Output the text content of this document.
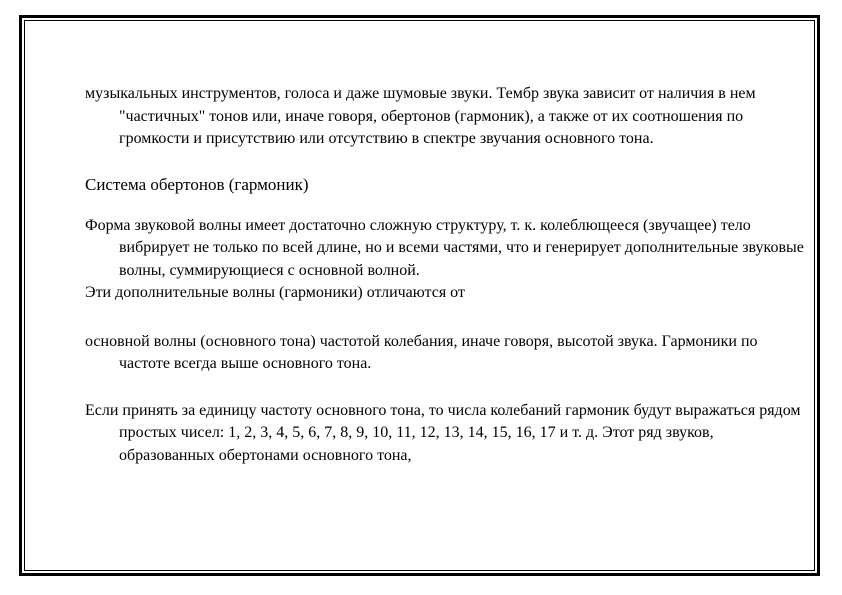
музыкальных инструментов, голоса и даже шумовые звуки. Тембр звука зависит от наличия в нем "частичных" тонов или, иначе говоря, обертонов (гармоник), а также от их соотношения по громкости и присутствию или отсутствию в спектре звучания основного тона.

Система обертонов (гармоник)

Форма звуковой волны имеет достаточно сложную структуру, т. к. колеблющееся (звучащее) тело вибрирует не только по всей длине, но и всеми частями, что и генерирует дополнительные звуковые волны, суммирующиеся с основной волной.

Эти дополнительные волны (гармоники) отличаются от

основной волны (основного тона) частотой колебания, иначе говоря, высотой звука. Гармоники по частоте всегда выше основного тона.

Если принять за единицу частоту основного тона, то числа колебаний гармоник будут выражаться рядом простых чисел: 1, 2, 3, 4, 5, 6, 7, 8, 9, 10, 11, 12, 13, 14, 15, 16, 17 и т. д. Этот ряд звуков, образованных обертонами основного тона,
